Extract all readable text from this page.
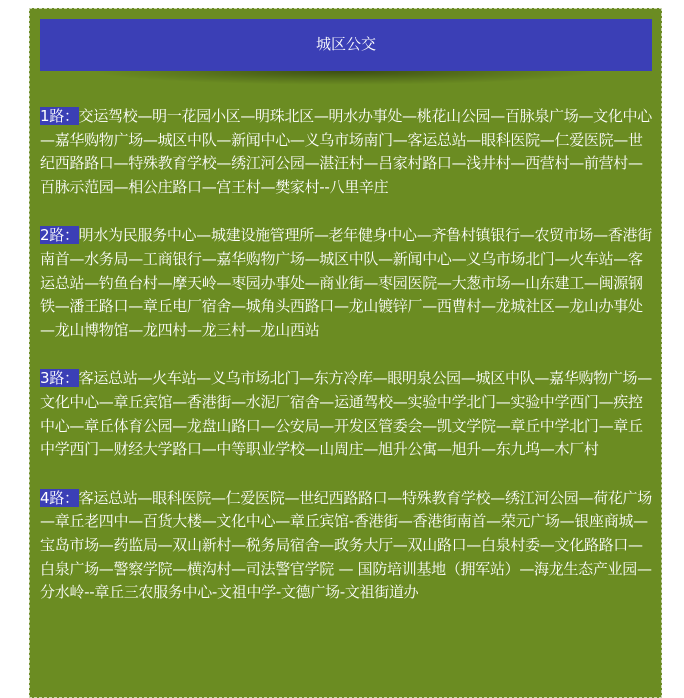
城区公交

1路：交运驾校—明一花园小区—明珠北区—明水办事处—桃花山公园—百脉泉广场—文化中心—嘉华购物广场—城区中队—新闻中心—义乌市场南门—客运总站—眼科医院—仁爱医院—世纪西路路口—特殊教育学校—绣江河公园—湛汪村—吕家村路口—浅井村—西营村—前营村—百脉示范园—相公庄路口—宫王村—樊家村--八里辛庄

2路：明水为民服务中心—城建设施管理所—老年健身中心—齐鲁村镇银行—农贸市场—香港街南首—水务局—工商银行—嘉华购物广场—城区中队—新闻中心—义乌市场北门—火车站—客运总站—钓鱼台村—摩天岭—枣园办事处—商业街—枣园医院—大葱市场—山东建工—闽源钢铁—潘王路口—章丘电厂宿舍—城角头西路口—龙山镀锌厂—西曹村—龙城社区—龙山办事处—龙山博物馆—龙四村—龙三村—龙山西站

3路：客运总站—火车站—义乌市场北门—东方冷库—眼明泉公园—城区中队—嘉华购物广场—文化中心—章丘宾馆—香港街—水泥厂宿舍—运通驾校—实验中学北门—实验中学西门—疾控中心—章丘体育公园—龙盘山路口—公安局—开发区管委会—凯文学院—章丘中学北门—章丘中学西门—财经大学路口—中等职业学校—山周庄—旭升公寓—旭升—东九坞—木厂村

4路：客运总站—眼科医院—仁爱医院—世纪西路路口—特殊教育学校—绣江河公园—荷花广场—章丘老四中—百货大楼—文化中心—章丘宾馆-香港街—香港街南首—荣元广场—银座商城—宝岛市场—药监局—双山新村—税务局宿舍—政务大厅—双山路口—白泉村委—文化路路口—白泉广场—警察学院—横沟村—司法警官学院 — 国防培训基地（拥军站）—海龙生态产业园—分水岭--章丘三农服务中心-文祖中学-文德广场-文祖街道办
